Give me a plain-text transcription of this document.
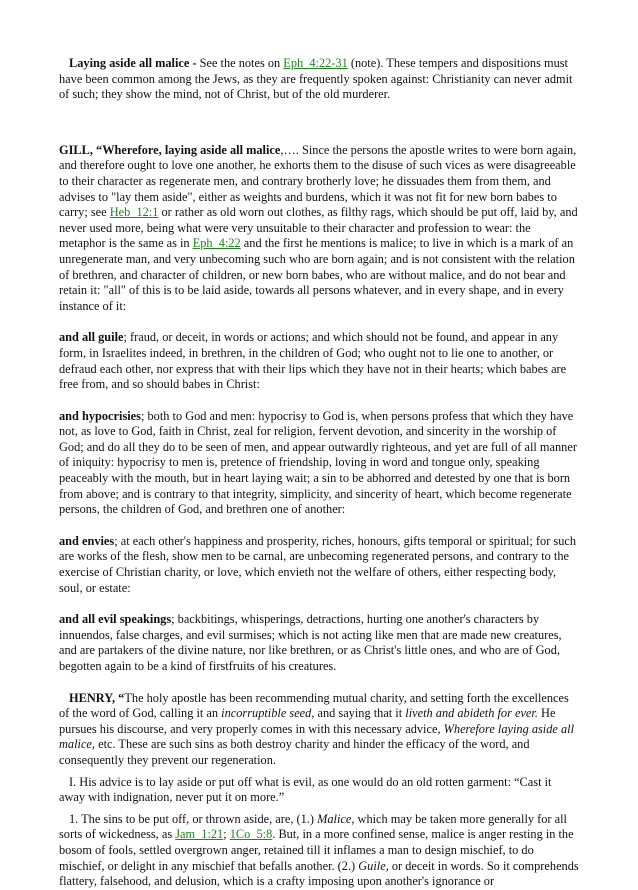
Laying aside all malice - See the notes on Eph_4:22-31 (note). These tempers and dispositions must have been common among the Jews, as they are frequently spoken against: Christianity can never admit of such; they show the mind, not of Christ, but of the old murderer.

GILL, “Wherefore, laying aside all malice,…. Since the persons the apostle writes to were born again, and therefore ought to love one another, he exhorts them to the disuse of such vices as were disagreeable to their character as regenerate men, and contrary brotherly love; he dissuades them from them, and advises to "lay them aside", either as weights and burdens, which it was not fit for new born babes to carry; see Heb_12:1 or rather as old worn out clothes, as filthy rags, which should be put off, laid by, and never used more, being what were very unsuitable to their character and profession to wear: the metaphor is the same as in Eph_4:22 and the first he mentions is malice; to live in which is a mark of an unregenerate man, and very unbecoming such who are born again; and is not consistent with the relation of brethren, and character of children, or new born babes, who are without malice, and do not bear and retain it: "all" of this is to be laid aside, towards all persons whatever, and in every shape, and in every instance of it:

and all guile; fraud, or deceit, in words or actions; and which should not be found, and appear in any form, in Israelites indeed, in brethren, in the children of God; who ought not to lie one to another, or defraud each other, nor express that with their lips which they have not in their hearts; which babes are free from, and so should babes in Christ:

and hypocrisies; both to God and men: hypocrisy to God is, when persons profess that which they have not, as love to God, faith in Christ, zeal for religion, fervent devotion, and sincerity in the worship of God; and do all they do to be seen of men, and appear outwardly righteous, and yet are full of all manner of iniquity: hypocrisy to men is, pretence of friendship, loving in word and tongue only, speaking peaceably with the mouth, but in heart laying wait; a sin to be abhorred and detested by one that is born from above; and is contrary to that integrity, simplicity, and sincerity of heart, which become regenerate persons, the children of God, and brethren one of another:

and envies; at each other's happiness and prosperity, riches, honours, gifts temporal or spiritual; for such are works of the flesh, show men to be carnal, are unbecoming regenerated persons, and contrary to the exercise of Christian charity, or love, which envieth not the welfare of others, either respecting body, soul, or estate:

and all evil speakings; backbitings, whisperings, detractions, hurting one another's characters by innuendos, false charges, and evil surmises; which is not acting like men that are made new creatures, and are partakers of the divine nature, nor like brethren, or as Christ's little ones, and who are of God, begotten again to be a kind of firstfruits of his creatures.

HENRY, “The holy apostle has been recommending mutual charity, and setting forth the excellences of the word of God, calling it an incorruptible seed, and saying that it liveth and abideth for ever. He pursues his discourse, and very properly comes in with this necessary advice, Wherefore laying aside all malice, etc. These are such sins as both destroy charity and hinder the efficacy of the word, and consequently they prevent our regeneration.

I. His advice is to lay aside or put off what is evil, as one would do an old rotten garment: “Cast it away with indignation, never put it on more.”

1. The sins to be put off, or thrown aside, are, (1.) Malice, which may be taken more generally for all sorts of wickedness, as Jam_1:21; 1Co_5:8. But, in a more confined sense, malice is anger resting in the bosom of fools, settled overgrown anger, retained till it inflames a man to design mischief, to do mischief, or delight in any mischief that befalls another. (2.) Guile, or deceit in words. So it comprehends flattery, falsehood, and delusion, which is a crafty imposing upon another's ignorance or
